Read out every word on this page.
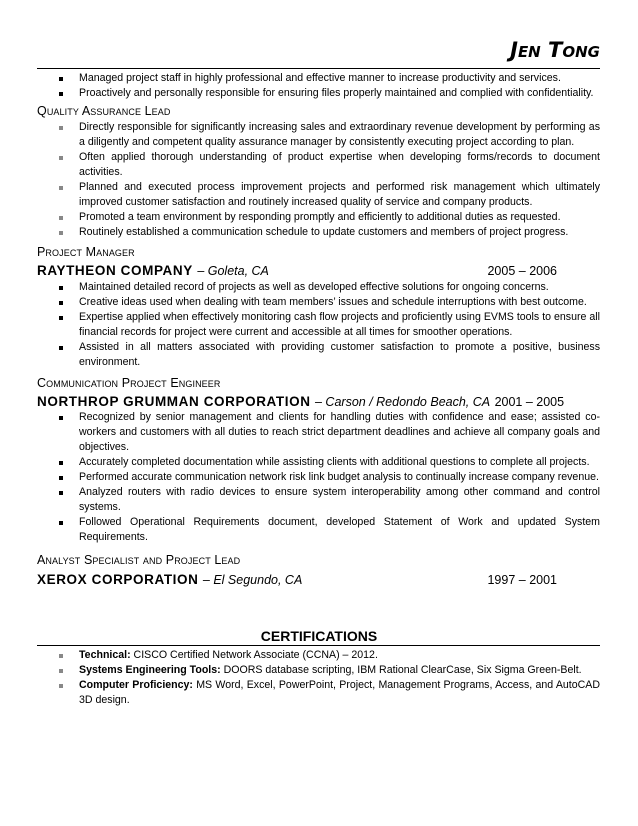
Jen Tong
Managed project staff in highly professional and effective manner to increase productivity and services.
Proactively and personally responsible for ensuring files properly maintained and complied with confidentiality.
Quality Assurance Lead
Directly responsible for significantly increasing sales and extraordinary revenue development by performing as a diligently and competent quality assurance manager by consistently executing project according to plan.
Often applied thorough understanding of product expertise when developing forms/records to document activities.
Planned and executed process improvement projects and performed risk management which ultimately improved customer satisfaction and routinely increased quality of service and company products.
Promoted a team environment by responding promptly and efficiently to additional duties as requested.
Routinely established a communication schedule to update customers and members of project progress.
Project Manager
RAYTHEON COMPANY – Goleta, CA	2005 – 2006
Maintained detailed record of projects as well as developed effective solutions for ongoing concerns.
Creative ideas used when dealing with team members’ issues and schedule interruptions with best outcome.
Expertise applied when effectively monitoring cash flow projects and proficiently using EVMS tools to ensure all financial records for project were current and accessible at all times for smoother operations.
Assisted in all matters associated with providing customer satisfaction to promote a positive, business environment.
Communication Project Engineer
NORTHROP GRUMMAN CORPORATION – Carson / Redondo Beach, CA 2001 – 2005
Recognized by senior management and clients for handling duties with confidence and ease; assisted co-workers and customers with all duties to reach strict department deadlines and achieve all company goals and objectives.
Accurately completed documentation while assisting clients with additional questions to complete all projects.
Performed accurate communication network risk link budget analysis to continually increase company revenue.
Analyzed routers with radio devices to ensure system interoperability among other command and control systems.
Followed Operational Requirements document, developed Statement of Work and updated System Requirements.
Analyst Specialist and Project Lead
XEROX CORPORATION – El Segundo, CA	1997 – 2001
CERTIFICATIONS
Technical: CISCO Certified Network Associate (CCNA) – 2012.
Systems Engineering Tools: DOORS database scripting, IBM Rational ClearCase, Six Sigma Green-Belt.
Computer Proficiency: MS Word, Excel, PowerPoint, Project, Management Programs, Access, and AutoCAD 3D design.
